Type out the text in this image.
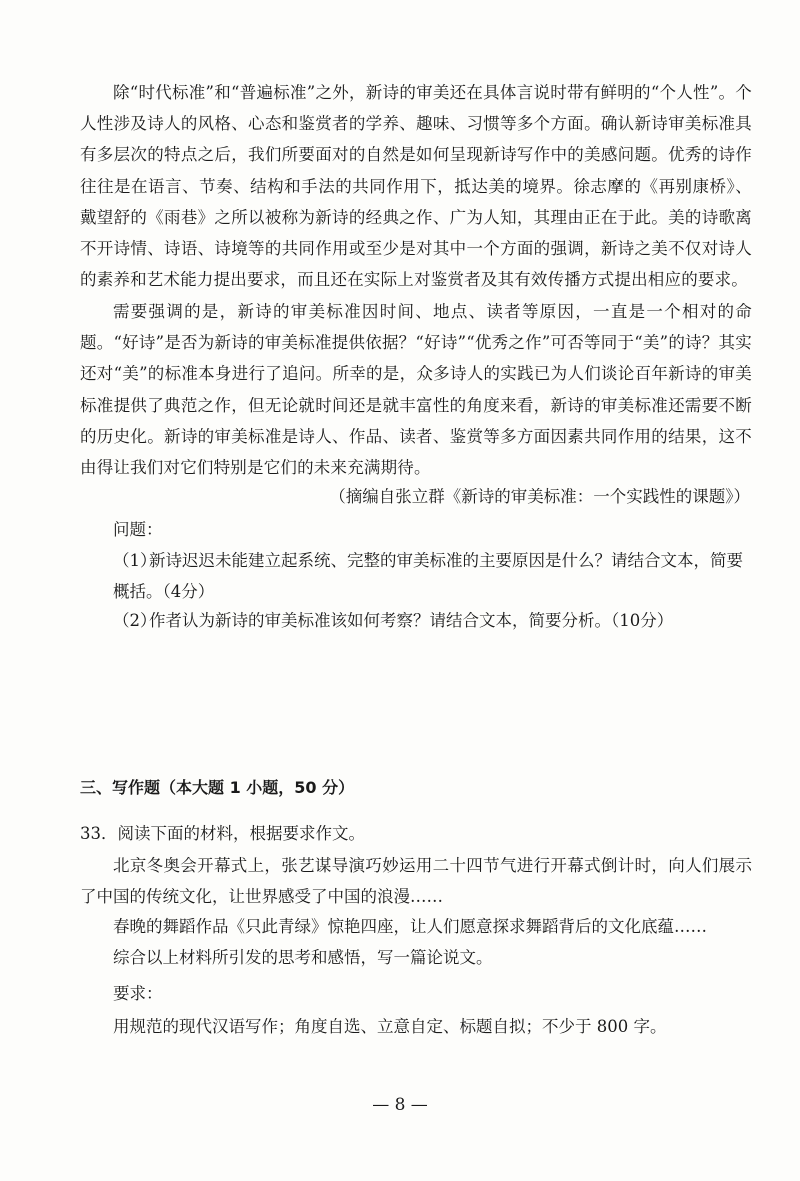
除“时代标准”和“普遍标准”之外，新诗的审美还在具体言说时带有鲜明的“个人性”。个人性涉及诗人的风格、心态和鉴赏者的学养、趣味、习惯等多个方面。确认新诗审美标准具有多层次的特点之后，我们所要面对的自然是如何呈现新诗写作中的美感问题。优秀的诗作往往是在语言、节奏、结构和手法的共同作用下，抵达美的境界。徐志摩的《再别康桥》、戴望舒的《雨巷》之所以被称为新诗的经典之作、广为人知，其理由正在于此。美的诗歌离不开诗情、诗语、诗境等的共同作用或至少是对其中一个方面的强调，新诗之美不仅对诗人的素养和艺术能力提出要求，而且还在实际上对鉴赏者及其有效传播方式提出相应的要求。

需要强调的是，新诗的审美标准因时间、地点、读者等原因，一直是一个相对的命题。“好诗”是否为新诗的审美标准提供依据？“好诗”“优秀之作”可否等同于“美”的诗？其实还对“美”的标准本身进行了追问。所幸的是，众多诗人的实践已为人们谈论百年新诗的审美标准提供了典范之作，但无论就时间还是就丰富性的角度来看，新诗的审美标准还需要不断的历史化。新诗的审美标准是诗人、作品、读者、鉴赏等多方面因素共同作用的结果，这不由得让我们对它们特别是它们的未来充满期待。

（摘编自张立群《新诗的审美标准：一个实践性的课题》）
问题：
（1）新诗迟迟未能建立起系统、完整的审美标准的主要原因是什么？请结合文本，简要概括。（4分）
（2）作者认为新诗的审美标准该如何考察？请结合文本，简要分析。（10分）
三、写作题（本大题 1 小题，50 分）
33．阅读下面的材料，根据要求作文。

北京冬奥会开幕式上，张艺谋导演巧妙运用二十四节气进行开幕式倒计时，向人们展示了中国的传统文化，让世界感受了中国的浪漫……

春晚的舞蹈作品《只此青绿》惊艳四座，让人们愿意探求舞蹈背后的文化底蕴……
综合以上材料所引发的思考和感悟，写一篇论说文。
要求：
用规范的现代汉语写作；角度自选、立意自定、标题自拟；不少于 800 字。
— 8 —
